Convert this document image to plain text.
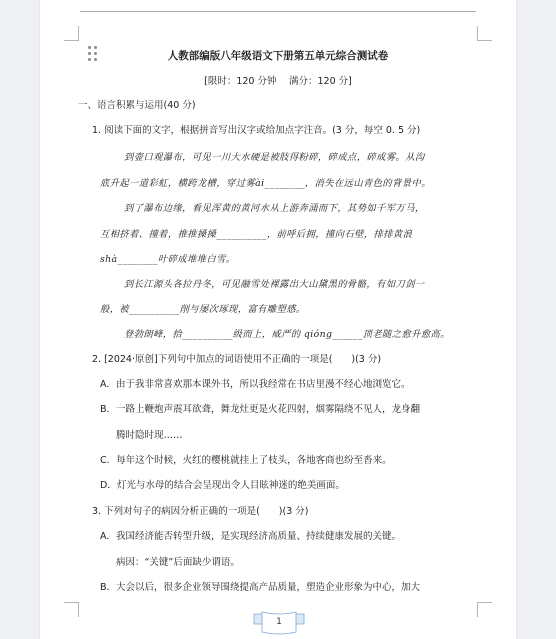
人教部编版八年级语文下册第五单元综合测试卷
[限时：120 分钟　 满分：120 分]
一、语言积累与运用(40 分)
1. 阅读下面的文字，根据拼音写出汉字或给加点字注音。(3 分，每空 0. 5 分)
到壶口观瀑布，可见一川大水硬是被肢得粉碎，碎成点，碎成雾。从沟
底升起一道彩虹，横跨龙槽，穿过雾ài________，消失在远山青色的背景中。
到了瀑布边缘，看见浑黄的黄河水从上游奔涌而下，其势如千军万马，
互相挤着、撞着，推推搡搡__________，前呼后拥，撞向石壁，排排黄浪
shà________叶碎成堆堆白雪。
到长江源头各拉丹冬，可见融雪处裸露出大山黛黑的骨骼，有如刀剑一
般，被__________削与屡次琢现，富有雕塑感。
登勃朗峰，拾__________级而上，威严的 qióng______顶老随之愈升愈高。
2. [2024·原创]下列句中加点的词语使用不正确的一项是(　　)(3 分)
A．由于我非常喜欢那本课外书，所以我经常在书店里漫不经心地浏览它。
B．一路上鞭炮声震耳欲聋，舞龙灶更是火花四射，烟雾隔绕不见人，龙身翻
腾时隐时现……
C．每年这个时候，火红的樱桃就挂上了枝头，各地客商也纷至沓来。
D．灯光与水母的结合会呈现出令人目眩神迷的绝美画面。
3. 下列对句子的病因分析正确的一项是(　　)(3 分)
A．我国经济能否转型升级，是实现经济高质量、持续健康发展的关键。
病因：“关键”后面缺少谓语。
B．大会以后，很多企业领导围绕提高产品质量，塑造企业形象为中心，加大
1
